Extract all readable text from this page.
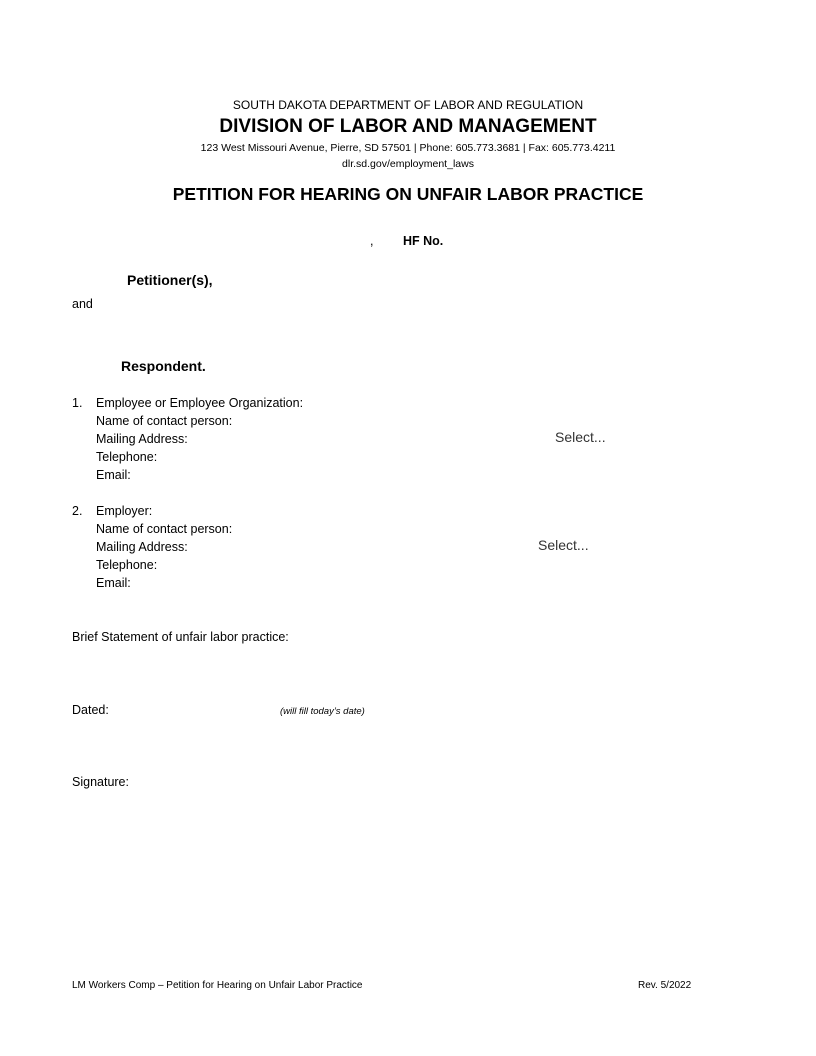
SOUTH DAKOTA DEPARTMENT OF LABOR AND REGULATION
DIVISION OF LABOR AND MANAGEMENT
123 West Missouri Avenue, Pierre, SD 57501 | Phone: 605.773.3681 | Fax: 605.773.4211
dlr.sd.gov/employment_laws
PETITION FOR HEARING ON UNFAIR LABOR PRACTICE
, HF No.
Petitioner(s),
and
Respondent.
1. Employee or Employee Organization:
Name of contact person:
Mailing Address:	Select...
Telephone:
Email:
2. Employer:
Name of contact person:
Mailing Address:	Select...
Telephone:
Email:
Brief Statement of unfair labor practice:
Dated:	(will fill today’s date)
Signature:
LM Workers Comp – Petition for Hearing on Unfair Labor Practice	Rev. 5/2022
